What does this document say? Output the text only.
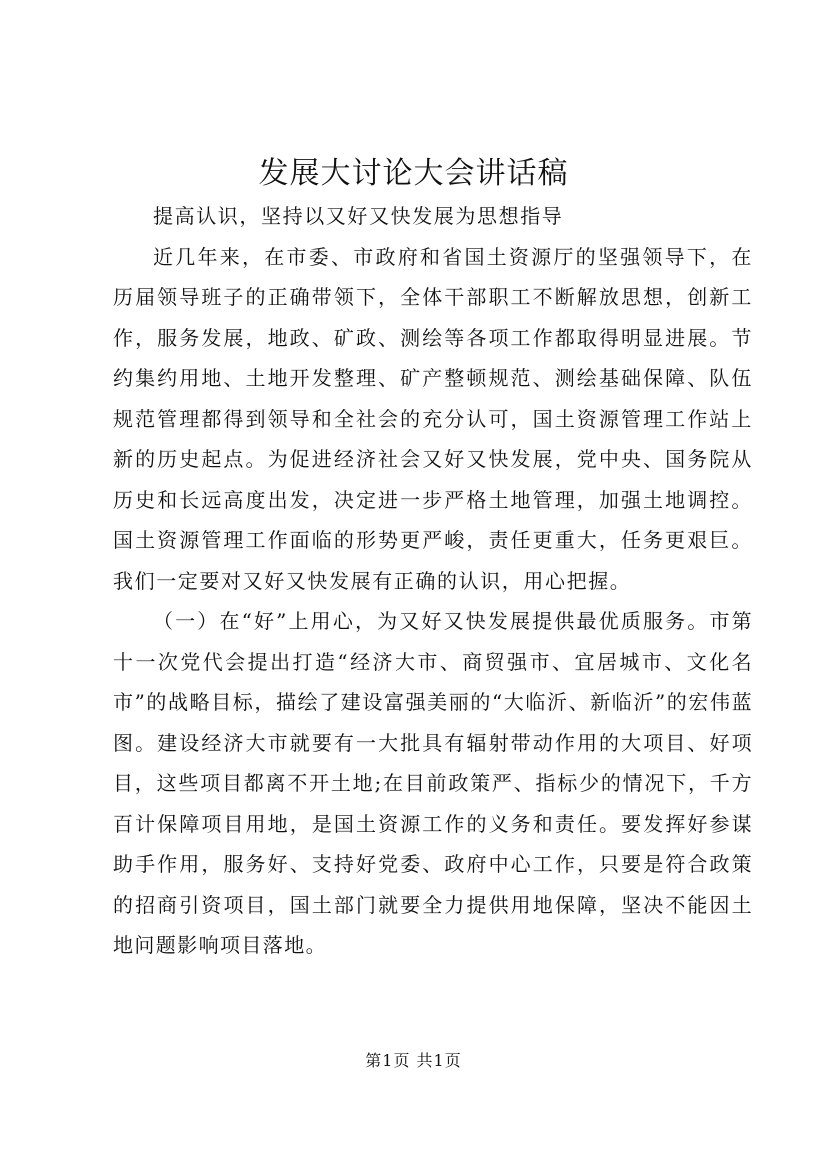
发展大讨论大会讲话稿

提高认识，坚持以又好又快发展为思想指导

近几年来，在市委、市政府和省国土资源厅的坚强领导下，在历届领导班子的正确带领下，全体干部职工不断解放思想，创新工作，服务发展，地政、矿政、测绘等各项工作都取得明显进展。节约集约用地、土地开发整理、矿产整顿规范、测绘基础保障、队伍规范管理都得到领导和全社会的充分认可，国土资源管理工作站上新的历史起点。为促进经济社会又好又快发展，党中央、国务院从历史和长远高度出发，决定进一步严格土地管理，加强土地调控。国土资源管理工作面临的形势更严峻，责任更重大，任务更艰巨。我们一定要对又好又快发展有正确的认识，用心把握。

（一）在“好”上用心，为又好又快发展提供最优质服务。市第十一次党代会提出打造“经济大市、商贸强市、宜居城市、文化名市”的战略目标，描绘了建设富强美丽的“大临沂、新临沂”的宏伟蓝图。建设经济大市就要有一大批具有辐射带动作用的大项目、好项目，这些项目都离不开土地;在目前政策严、指标少的情况下，千方百计保障项目用地，是国土资源工作的义务和责任。要发挥好参谋助手作用，服务好、支持好党委、政府中心工作，只要是符合政策的招商引资项目，国土部门就要全力提供用地保障，坚决不能因土地问题影响项目落地。

第1页 共1页
